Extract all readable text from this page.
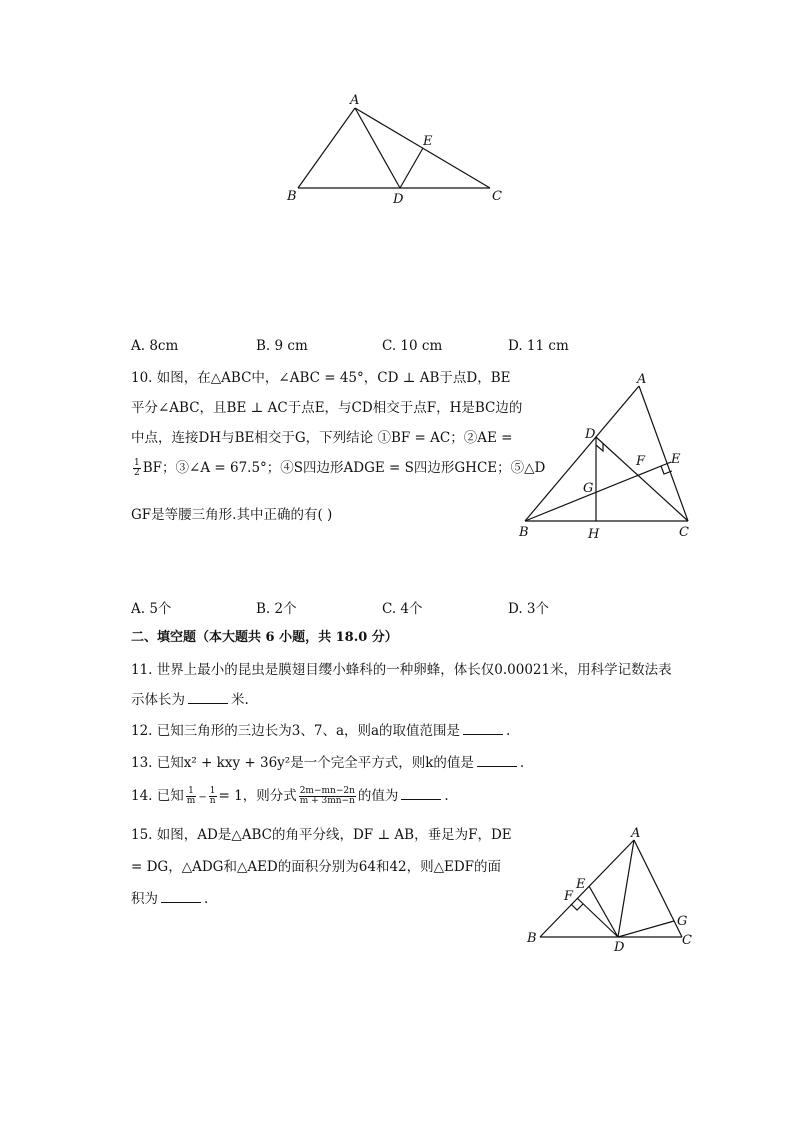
A
B	C
D
E
A. 8cm	B. 9 cm	C. 10 cm	D. 11 cm
10. 如图，在△ABC中，∠ABC = 45°，CD ⊥ AB于点D，BE
平分∠ABC，且BE ⊥ AC于点E，与CD相交于点F，H是BC边的
中点，连接DH与BE相交于G，下列结论 ①BF = AC；②AE =
$\frac{1}{2}$ BF；③∠A = 67.5°；④S四边形ADGE = S四边形GHCE；⑤△D
GF是等腰三角形.其中正确的有( )
A
B	C
D
E
F
G
H
A. 5个	B. 2个	C. 4个	D. 3个
二、填空题（本大题共 6 小题，共 18.0 分）
11. 世界上最小的昆虫是膜翅目缨小蜂科的一种卵蜂，体长仅0.00021米，用科学记数法表
示体长为	米.
12. 已知三角形的三边长为3、7、a，则a的取值范围是	.
13. 已知x² + kxy + 36y²是一个完全平方式，则k的值是	.
14. 已知 $\frac{1}{m} - \frac{1}{n} = 1$，则分式 $\frac{2m-mn-2n}{m + 3mn-n}$ 的值为	.
15. 如图，AD是△ABC的角平分线，DF ⊥ AB，垂足为F，DE
= DG，△ADG和△AED的面积分别为64和42，则△EDF的面
积为	.
A
B	C
D
E
F
G
